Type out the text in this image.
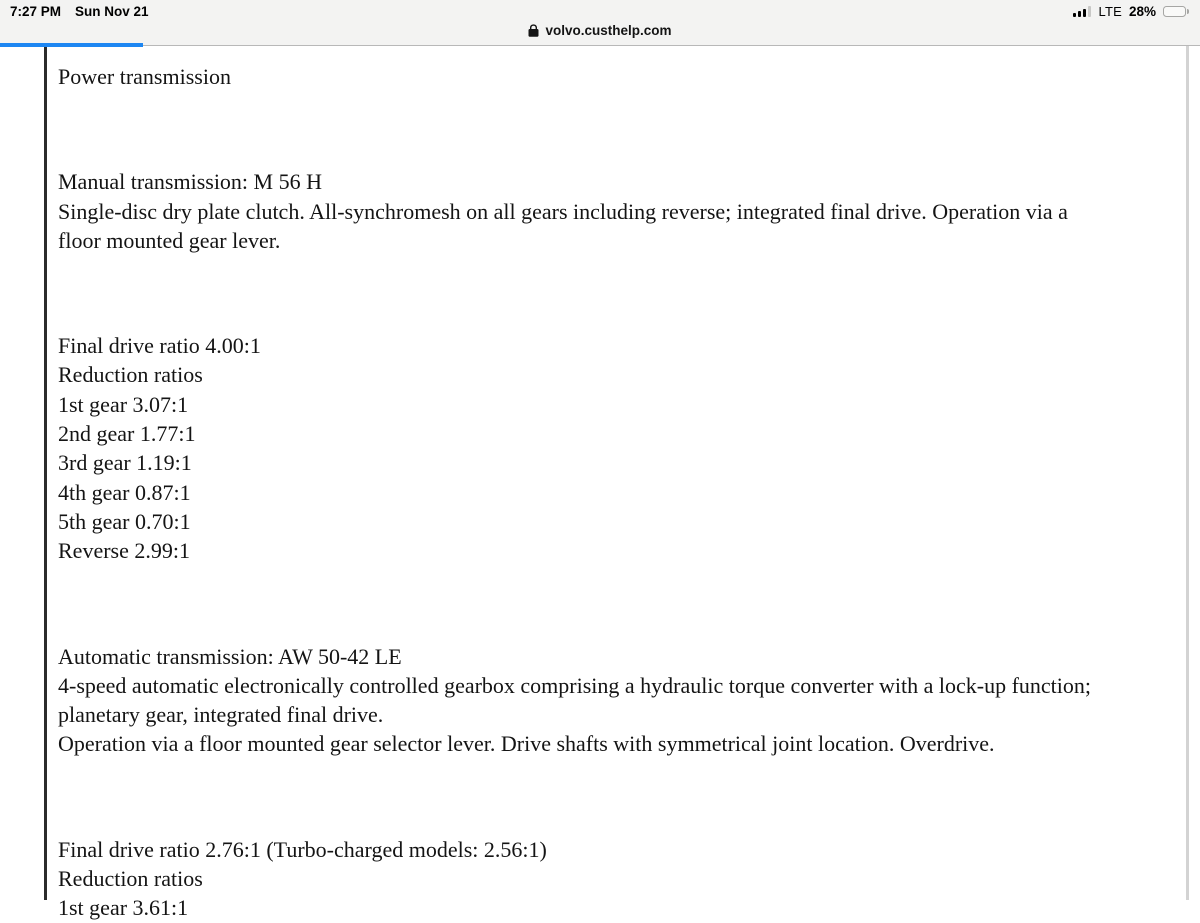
7:27 PM Sun Nov 21	LTE 28%
volvo.custhelp.com
Power transmission
Manual transmission: M 56 H
Single-disc dry plate clutch. All-synchromesh on all gears including reverse; integrated final drive. Operation via a
floor mounted gear lever.
Final drive ratio 4.00:1
Reduction ratios
1st gear 3.07:1
2nd gear 1.77:1
3rd gear 1.19:1
4th gear 0.87:1
5th gear 0.70:1
Reverse 2.99:1
Automatic transmission: AW 50-42 LE
4-speed automatic electronically controlled gearbox comprising a hydraulic torque converter with a lock-up function;
planetary gear, integrated final drive.
Operation via a floor mounted gear selector lever. Drive shafts with symmetrical joint location. Overdrive.
Final drive ratio 2.76:1 (Turbo-charged models: 2.56:1)
Reduction ratios
1st gear 3.61:1
